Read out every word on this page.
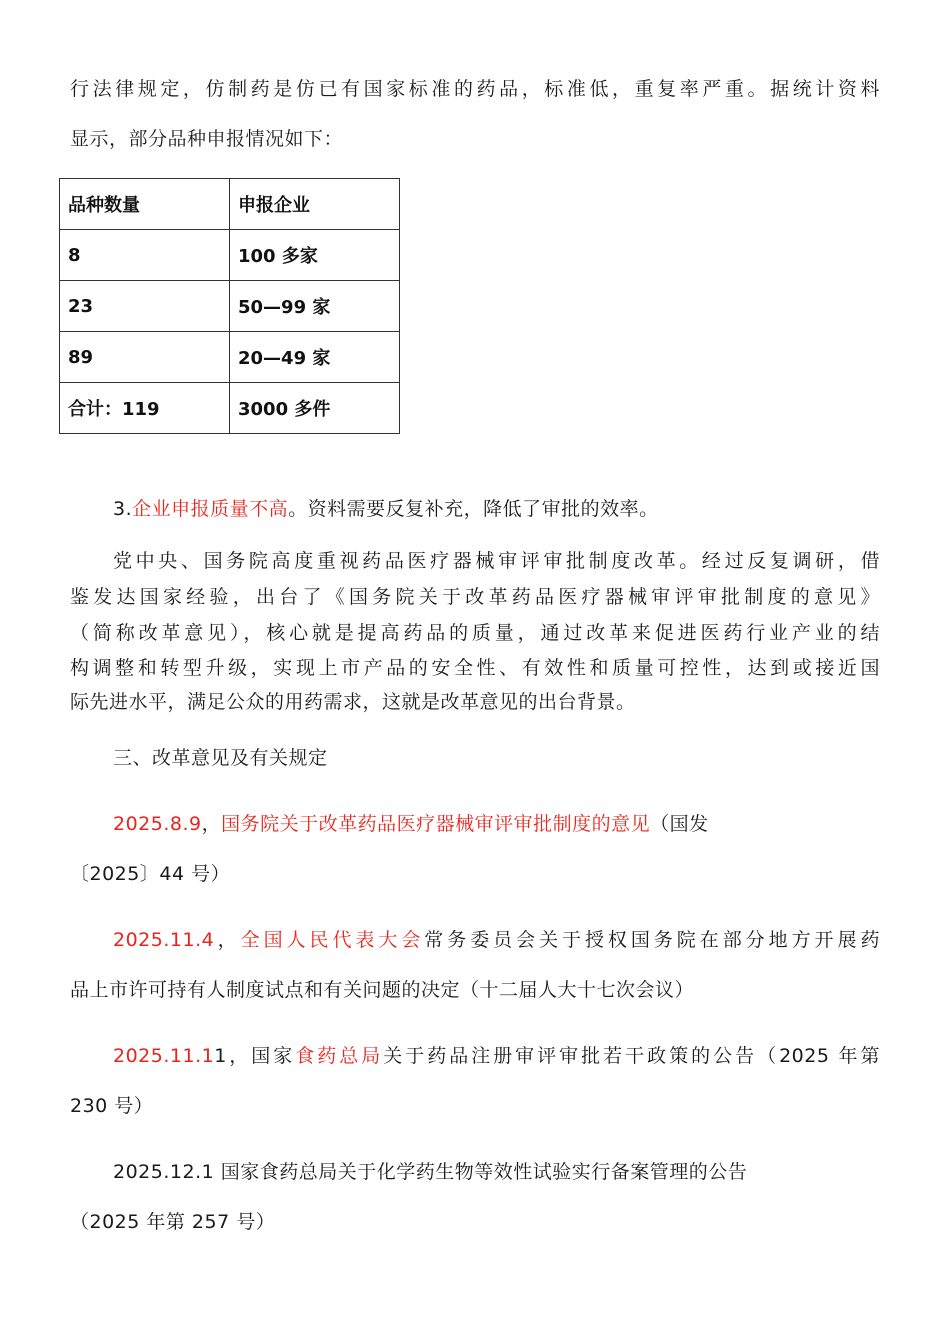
行法律规定，仿制药是仿已有国家标准的药品，标准低，重复率严重。据统计资料
显示，部分品种申报情况如下：
品种数量	申报企业
8	100 多家
23	50—99 家
89	20—49 家
合计：119	3000 多件
3.企业申报质量不高。资料需要反复补充，降低了审批的效率。
党中央、国务院高度重视药品医疗器械审评审批制度改革。经过反复调研，借
鉴发达国家经验，出台了《国务院关于改革药品医疗器械审评审批制度的意见》
（简称改革意见），核心就是提高药品的质量，通过改革来促进医药行业产业的结
构调整和转型升级，实现上市产品的安全性、有效性和质量可控性，达到或接近国
际先进水平，满足公众的用药需求，这就是改革意见的出台背景。
三、改革意见及有关规定
2025.8.9，国务院关于改革药品医疗器械审评审批制度的意见（国发
〔2025〕44 号）
2025.11.4，全国人民代表大会常务委员会关于授权国务院在部分地方开展药
品上市许可持有人制度试点和有关问题的决定（十二届人大十七次会议）
2025.11.11，国家食药总局关于药品注册审评审批若干政策的公告（2025 年第
230 号）
2025.12.1 国家食药总局关于化学药生物等效性试验实行备案管理的公告
（2025 年第 257 号）
